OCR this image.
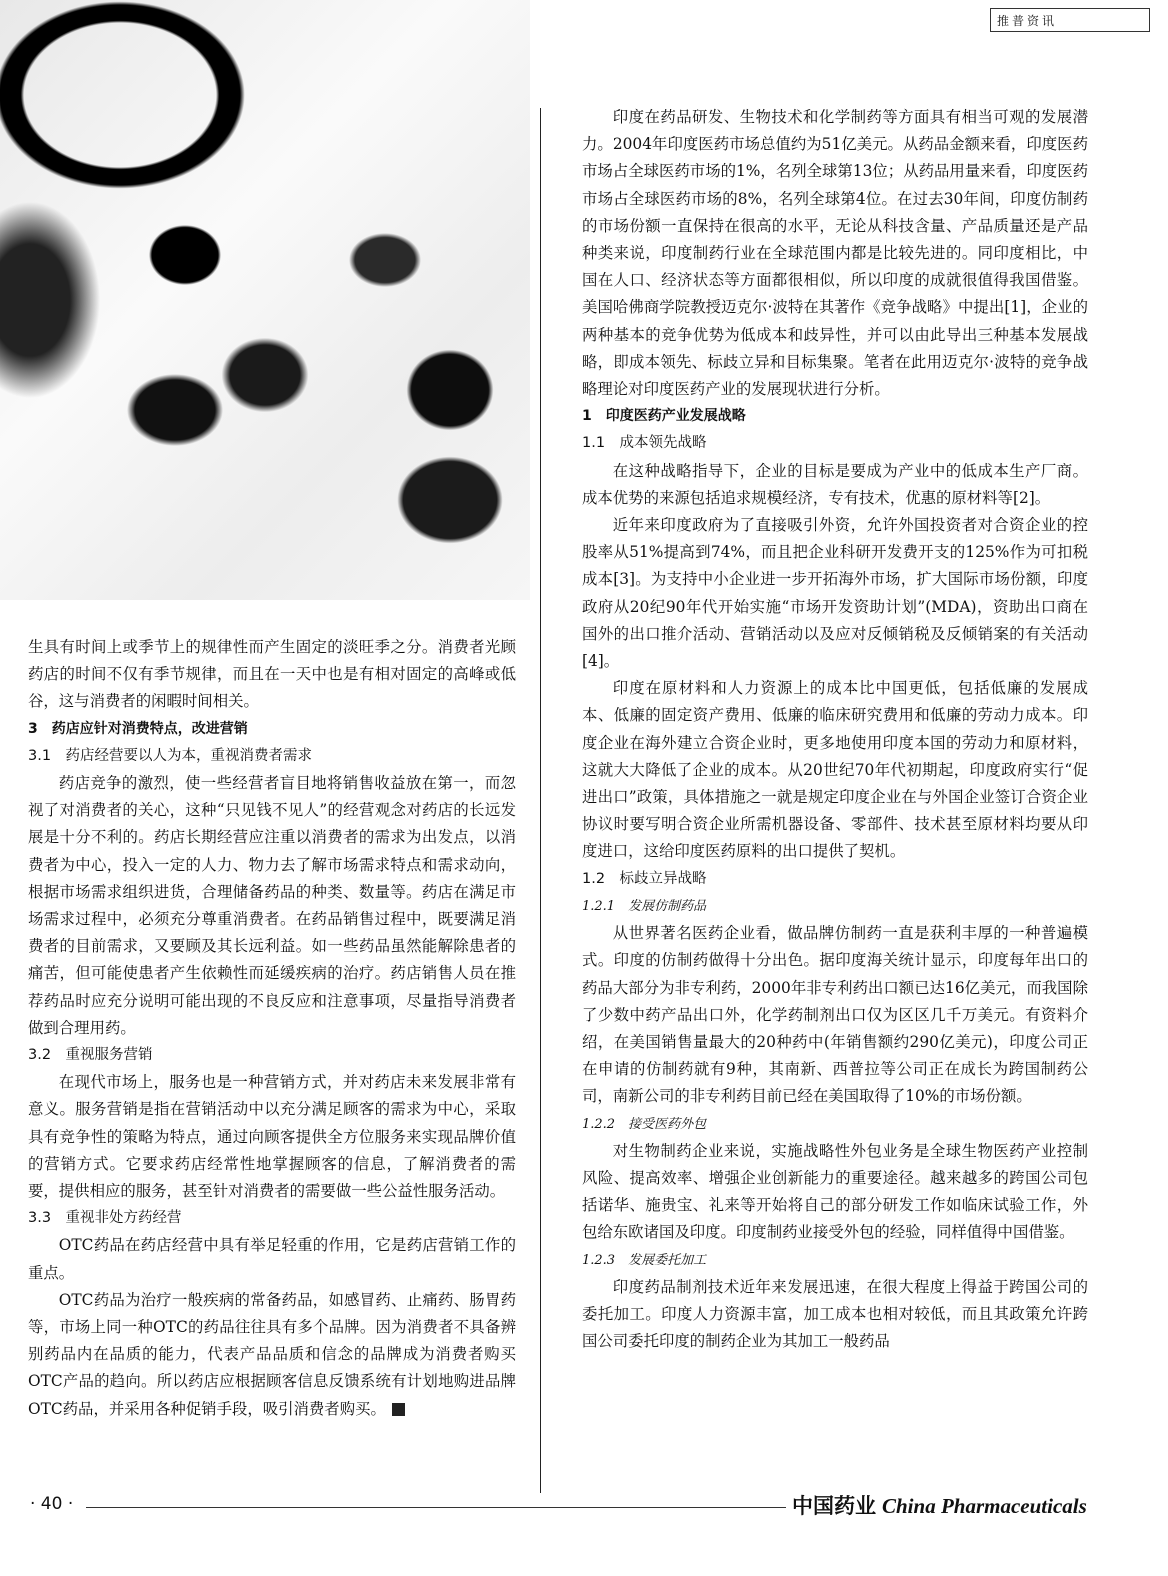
推普资讯

生具有时间上或季节上的规律性而产生固定的淡旺季之分。消费者光顾药店的时间不仅有季节规律，而且在一天中也是有相对固定的高峰或低谷，这与消费者的闲暇时间相关。

3　药店应针对消费特点，改进营销
3.1　药店经营要以人为本，重视消费者需求

药店竞争的激烈，使一些经营者盲目地将销售收益放在第一，而忽视了对消费者的关心，这种“只见钱不见人”的经营观念对药店的长远发展是十分不利的。药店长期经营应注重以消费者的需求为出发点，以消费者为中心，投入一定的人力、物力去了解市场需求特点和需求动向，根据市场需求组织进货，合理储备药品的种类、数量等。药店在满足市场需求过程中，必须充分尊重消费者。在药品销售过程中，既要满足消费者的目前需求，又要顾及其长远利益。如一些药品虽然能解除患者的痛苦，但可能使患者产生依赖性而延缓疾病的治疗。药店销售人员在推荐药品时应充分说明可能出现的不良反应和注意事项，尽量指导消费者做到合理用药。

3.2　重视服务营销

在现代市场上，服务也是一种营销方式，并对药店未来发展非常有意义。服务营销是指在营销活动中以充分满足顾客的需求为中心，采取具有竞争性的策略为特点，通过向顾客提供全方位服务来实现品牌价值的营销方式。它要求药店经常性地掌握顾客的信息，了解消费者的需要，提供相应的服务，甚至针对消费者的需要做一些公益性服务活动。

3.3　重视非处方药经营

OTC药品在药店经营中具有举足轻重的作用，它是药店营销工作的重点。

OTC药品为治疗一般疾病的常备药品，如感冒药、止痛药、肠胃药等，市场上同一种OTC的药品往往具有多个品牌。因为消费者不具备辨别药品内在品质的能力，代表产品品质和信念的品牌成为消费者购买OTC产品的趋向。所以药店应根据顾客信息反馈系统有计划地购进品牌OTC药品，并采用各种促销手段，吸引消费者购买。

印度在药品研发、生物技术和化学制药等方面具有相当可观的发展潜力。2004年印度医药市场总值约为51亿美元。从药品金额来看，印度医药市场占全球医药市场的1%，名列全球第13位；从药品用量来看，印度医药市场占全球医药市场的8%，名列全球第4位。在过去30年间，印度仿制药的市场份额一直保持在很高的水平，无论从科技含量、产品质量还是产品种类来说，印度制药行业在全球范围内都是比较先进的。同印度相比，中国在人口、经济状态等方面都很相似，所以印度的成就很值得我国借鉴。美国哈佛商学院教授迈克尔·波特在其著作《竞争战略》中提出[1]，企业的两种基本的竞争优势为低成本和歧异性，并可以由此导出三种基本发展战略，即成本领先、标歧立异和目标集聚。笔者在此用迈克尔·波特的竞争战略理论对印度医药产业的发展现状进行分析。

1　印度医药产业发展战略
1.1　成本领先战略

在这种战略指导下，企业的目标是要成为产业中的低成本生产厂商。成本优势的来源包括追求规模经济，专有技术，优惠的原材料等[2]。

近年来印度政府为了直接吸引外资，允许外国投资者对合资企业的控股率从51%提高到74%，而且把企业科研开发费开支的125%作为可扣税成本[3]。为支持中小企业进一步开拓海外市场，扩大国际市场份额，印度政府从20纪90年代开始实施“市场开发资助计划”(MDA)，资助出口商在国外的出口推介活动、营销活动以及应对反倾销税及反倾销案的有关活动[4]。

印度在原材料和人力资源上的成本比中国更低，包括低廉的发展成本、低廉的固定资产费用、低廉的临床研究费用和低廉的劳动力成本。印度企业在海外建立合资企业时，更多地使用印度本国的劳动力和原材料，这就大大降低了企业的成本。从20世纪70年代初期起，印度政府实行“促进出口”政策，具体措施之一就是规定印度企业在与外国企业签订合资企业协议时要写明合资企业所需机器设备、零部件、技术甚至原材料均要从印度进口，这给印度医药原料的出口提供了契机。

1.2　标歧立异战略
1.2.1　发展仿制药品

从世界著名医药企业看，做品牌仿制药一直是获利丰厚的一种普遍模式。印度的仿制药做得十分出色。据印度海关统计显示，印度每年出口的药品大部分为非专利药，2000年非专利药出口额已达16亿美元，而我国除了少数中药产品出口外，化学药制剂出口仅为区区几千万美元。有资料介绍，在美国销售量最大的20种药中(年销售额约290亿美元)，印度公司正在申请的仿制药就有9种，其南新、西普拉等公司正在成长为跨国制药公司，南新公司的非专利药目前已经在美国取得了10%的市场份额。

1.2.2　接受医药外包

对生物制药企业来说，实施战略性外包业务是全球生物医药产业控制风险、提高效率、增强企业创新能力的重要途径。越来越多的跨国公司包括诺华、施贵宝、礼来等开始将自己的部分研发工作如临床试验工作，外包给东欧诸国及印度。印度制药业接受外包的经验，同样值得中国借鉴。

1.2.3　发展委托加工

印度药品制剂技术近年来发展迅速，在很大程度上得益于跨国公司的委托加工。印度人力资源丰富，加工成本也相对较低，而且其政策允许跨国公司委托印度的制药企业为其加工一般药品

· 40 ·	中国药业 China Pharmaceuticals
